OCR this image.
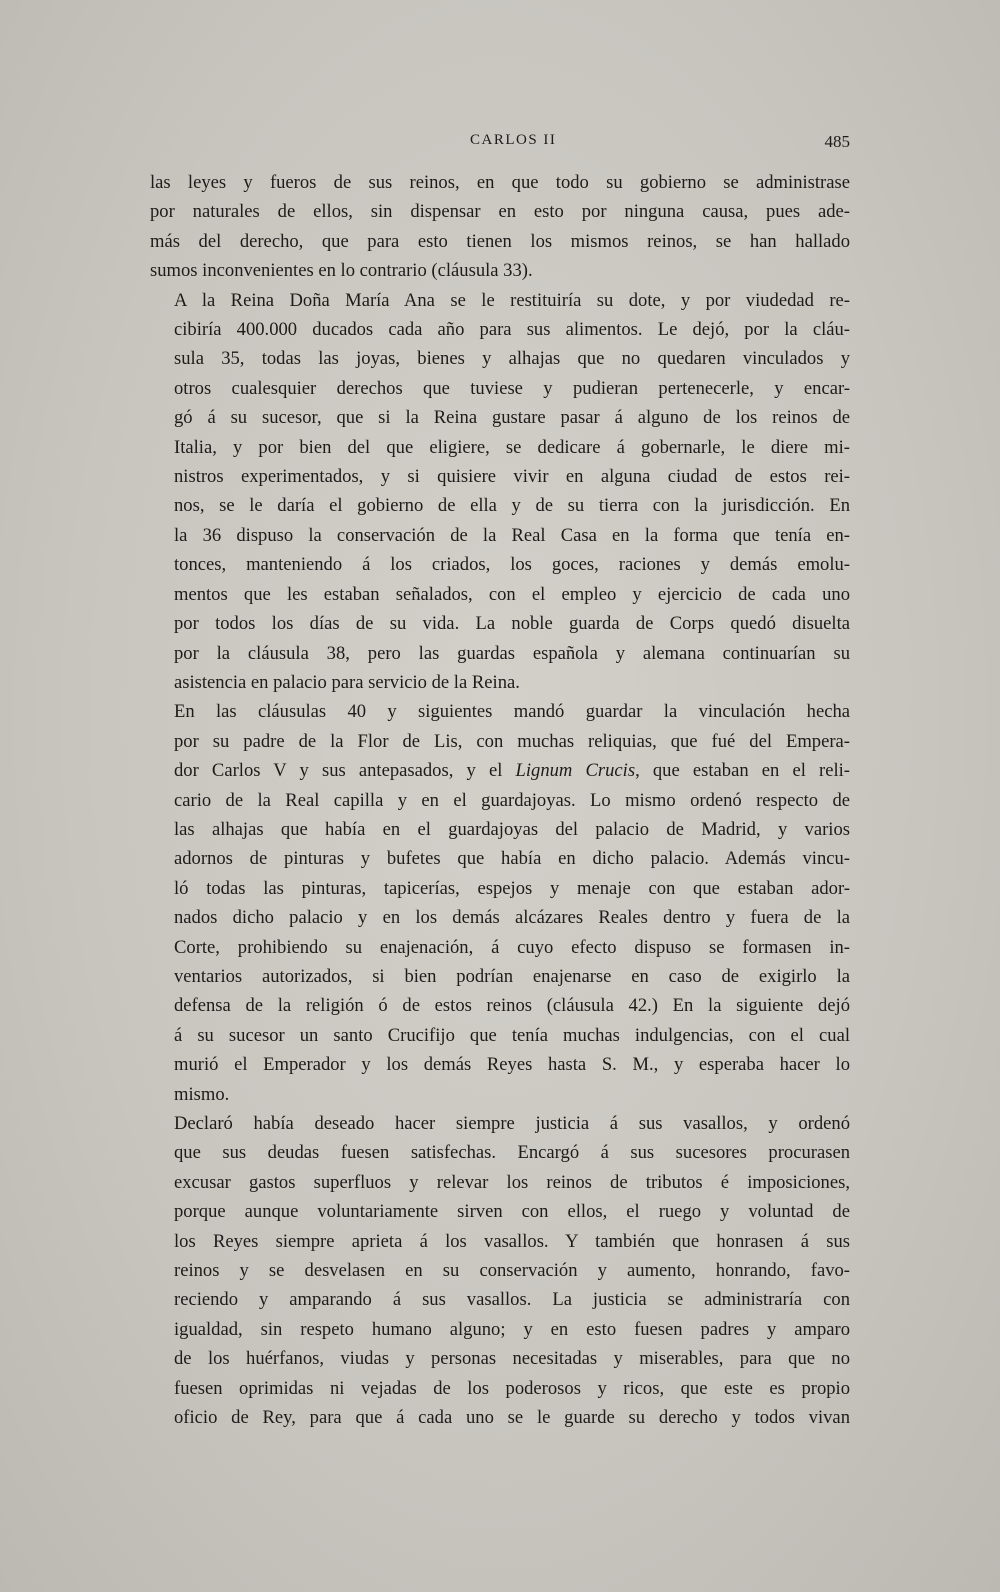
CARLOS II	485

las leyes y fueros de sus reinos, en que todo su gobierno se administrase
por naturales de ellos, sin dispensar en esto por ninguna causa, pues ade-
más del derecho, que para esto tienen los mismos reinos, se han hallado
sumos inconvenientes en lo contrario (cláusula 33).

A la Reina Doña María Ana se le restituiría su dote, y por viudedad re-
cibiría 400.000 ducados cada año para sus alimentos. Le dejó, por la cláu-
sula 35, todas las joyas, bienes y alhajas que no quedaren vinculados y
otros cualesquier derechos que tuviese y pudieran pertenecerle, y encar-
gó á su sucesor, que si la Reina gustare pasar á alguno de los reinos de
Italia, y por bien del que eligiere, se dedicare á gobernarle, le diere mi-
nistros experimentados, y si quisiere vivir en alguna ciudad de estos rei-
nos, se le daría el gobierno de ella y de su tierra con la jurisdicción. En
la 36 dispuso la conservación de la Real Casa en la forma que tenía en-
tonces, manteniendo á los criados, los goces, raciones y demás emolu-
mentos que les estaban señalados, con el empleo y ejercicio de cada uno
por todos los días de su vida. La noble guarda de Corps quedó disuelta
por la cláusula 38, pero las guardas española y alemana continuarían su
asistencia en palacio para servicio de la Reina.

En las cláusulas 40 y siguientes mandó guardar la vinculación hecha
por su padre de la Flor de Lis, con muchas reliquias, que fué del Empera-
dor Carlos V y sus antepasados, y el Lignum Crucis, que estaban en el reli-
cario de la Real capilla y en el guardajoyas. Lo mismo ordenó respecto de
las alhajas que había en el guardajoyas del palacio de Madrid, y varios
adornos de pinturas y bufetes que había en dicho palacio. Además vincu-
ló todas las pinturas, tapicerías, espejos y menaje con que estaban ador-
nados dicho palacio y en los demás alcázares Reales dentro y fuera de la
Corte, prohibiendo su enajenación, á cuyo efecto dispuso se formasen in-
ventarios autorizados, si bien podrían enajenarse en caso de exigirlo la
defensa de la religión ó de estos reinos (cláusula 42.) En la siguiente dejó
á su sucesor un santo Crucifijo que tenía muchas indulgencias, con el cual
murió el Emperador y los demás Reyes hasta S. M., y esperaba hacer lo
mismo.

Declaró había deseado hacer siempre justicia á sus vasallos, y ordenó
que sus deudas fuesen satisfechas. Encargó á sus sucesores procurasen
excusar gastos superfluos y relevar los reinos de tributos é imposiciones,
porque aunque voluntariamente sirven con ellos, el ruego y voluntad de
los Reyes siempre aprieta á los vasallos. Y también que honrasen á sus
reinos y se desvelasen en su conservación y aumento, honrando, favo-
reciendo y amparando á sus vasallos. La justicia se administraría con
igualdad, sin respeto humano alguno; y en esto fuesen padres y amparo
de los huérfanos, viudas y personas necesitadas y miserables, para que no
fuesen oprimidas ni vejadas de los poderosos y ricos, que este es propio
oficio de Rey, para que á cada uno se le guarde su derecho y todos vivan
